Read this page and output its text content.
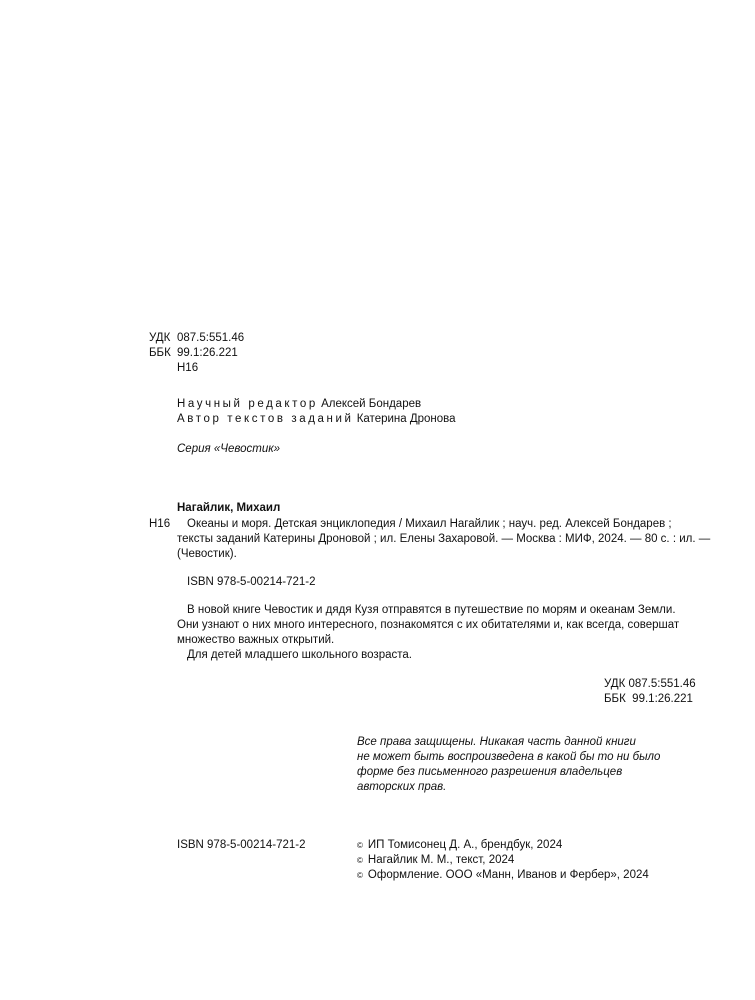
УДК 087.5:551.46
ББК 99.1:26.221
Н16
Научный редактор Алексей Бондарев
Автор текстов заданий Катерина Дронова
Серия «Чевостик»
Нагайлик, Михаил
Н16	Океаны и моря. Детская энциклопедия / Михаил Нагайлик ; науч. ред. Алексей Бондарев ;
тексты заданий Катерины Дроновой ; ил. Елены Захаровой. — Москва : МИФ, 2024. — 80 с. : ил. —
(Чевостик).
ISBN 978-5-00214-721-2
В новой книге Чевостик и дядя Кузя отправятся в путешествие по морям и океанам Земли.
Они узнают о них много интересного, познакомятся с их обитателями и, как всегда, совершат
множество важных открытий.
Для детей младшего школьного возраста.
УДК 087.5:551.46
ББК  99.1:26.221
Все права защищены. Никакая часть данной книги
не может быть воспроизведена в какой бы то ни было
форме без письменного разрешения владельцев
авторских прав.
ISBN 978-5-00214-721-2	© ИП Томисонец Д. А., брендбук, 2024
© Нагайлик М. М., текст, 2024
© Оформление. ООО «Манн, Иванов и Фербер», 2024
